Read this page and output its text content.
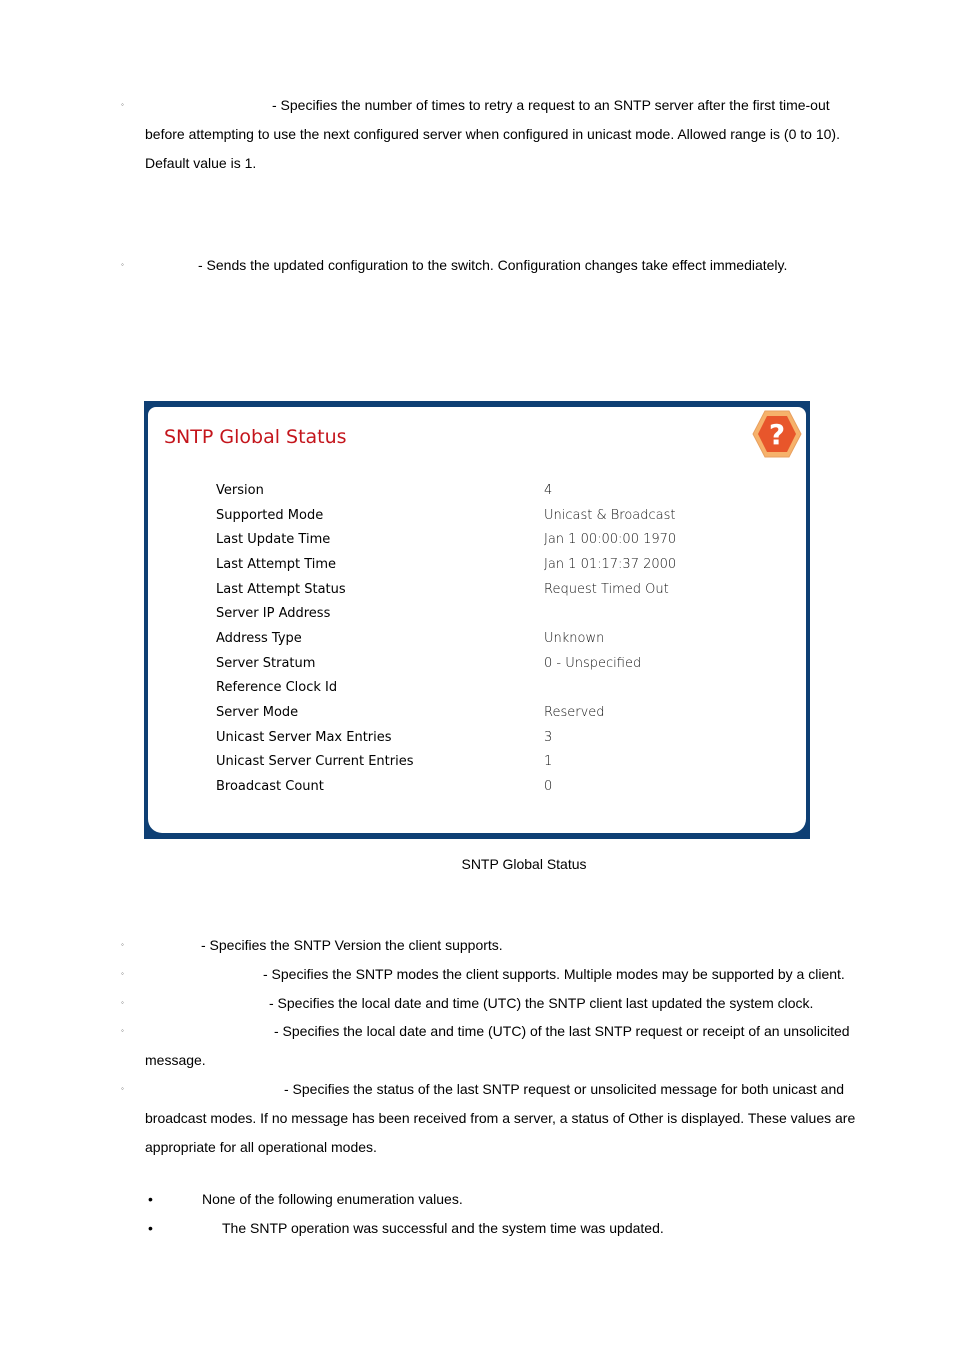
◦	- Specifies the number of times to retry a request to an SNTP server after the first time-out
before attempting to use the next configured server when configured in unicast mode. Allowed range is (0 to 10).
Default value is 1.
◦	- Sends the updated configuration to the switch. Configuration changes take effect immediately.
SNTP Global Status	?
Version	4
Supported Mode	Unicast & Broadcast
Last Update Time	Jan 1 00:00:00 1970
Last Attempt Time	Jan 1 01:17:37 2000
Last Attempt Status	Request Timed Out
Server IP Address
Address Type	Unknown
Server Stratum	0 - Unspecified
Reference Clock Id
Server Mode	Reserved
Unicast Server Max Entries	3
Unicast Server Current Entries	1
Broadcast Count	0
SNTP Global Status
◦	- Specifies the SNTP Version the client supports.
◦	- Specifies the SNTP modes the client supports. Multiple modes may be supported by a client.
◦	- Specifies the local date and time (UTC) the SNTP client last updated the system clock.
◦	- Specifies the local date and time (UTC) of the last SNTP request or receipt of an unsolicited
message.
◦	- Specifies the status of the last SNTP request or unsolicited message for both unicast and
broadcast modes. If no message has been received from a server, a status of Other is displayed. These values are
appropriate for all operational modes.
•	None of the following enumeration values.
•	The SNTP operation was successful and the system time was updated.
